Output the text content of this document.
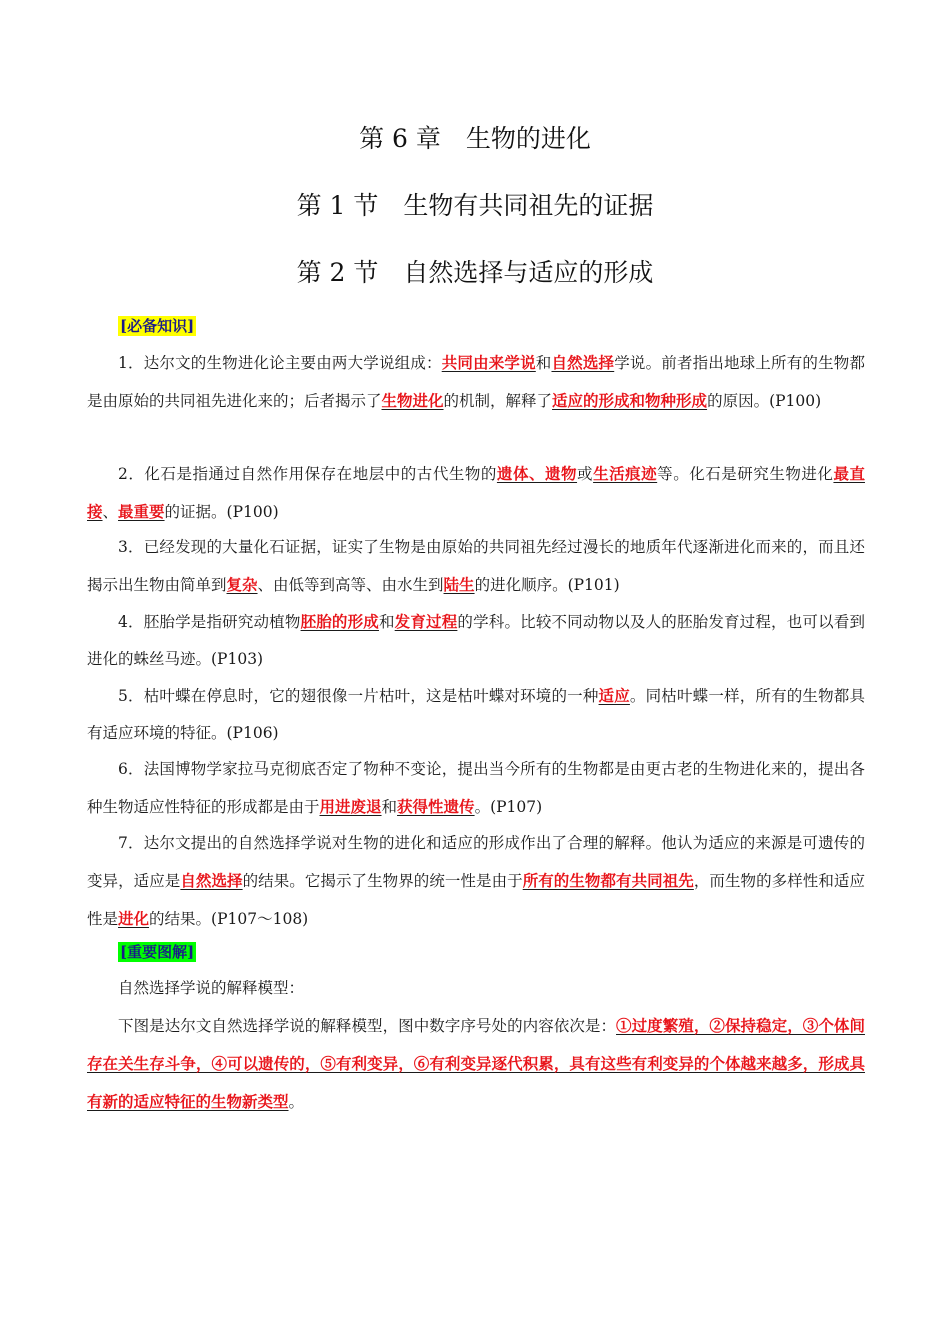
第 6 章　生物的进化
第 1 节　生物有共同祖先的证据
第 2 节　自然选择与适应的形成
[必备知识]

1．达尔文的生物进化论主要由两大学说组成：共同由来学说和自然选择学说。前者指出地球上所有的生物都是由原始的共同祖先进化来的；后者揭示了生物进化的机制，解释了适应的形成和物种形成的原因。(P100)

2．化石是指通过自然作用保存在地层中的古代生物的遗体、遗物或生活痕迹等。化石是研究生物进化最直接、最重要的证据。(P100)

3．已经发现的大量化石证据，证实了生物是由原始的共同祖先经过漫长的地质年代逐渐进化而来的，而且还揭示出生物由简单到复杂、由低等到高等、由水生到陆生的进化顺序。(P101)

4．胚胎学是指研究动植物胚胎的形成和发育过程的学科。比较不同动物以及人的胚胎发育过程，也可以看到进化的蛛丝马迹。(P103)

5．枯叶蝶在停息时，它的翅很像一片枯叶，这是枯叶蝶对环境的一种适应。同枯叶蝶一样，所有的生物都具有适应环境的特征。(P106)

6．法国博物学家拉马克彻底否定了物种不变论，提出当今所有的生物都是由更古老的生物进化来的，提出各种生物适应性特征的形成都是由于用进废退和获得性遗传。(P107)

7．达尔文提出的自然选择学说对生物的进化和适应的形成作出了合理的解释。他认为适应的来源是可遗传的变异，适应是自然选择的结果。它揭示了生物界的统一性是由于所有的生物都有共同祖先，而生物的多样性和适应性是进化的结果。(P107～108)

[重要图解]

自然选择学说的解释模型：

下图是达尔文自然选择学说的解释模型，图中数字序号处的内容依次是：①过度繁殖，②保持稳定，③个体间存在关生存斗争，④可以遗传的，⑤有利变异，⑥有利变异逐代积累，具有这些有利变异的个体越来越多，形成具有新的适应特征的生物新类型。
